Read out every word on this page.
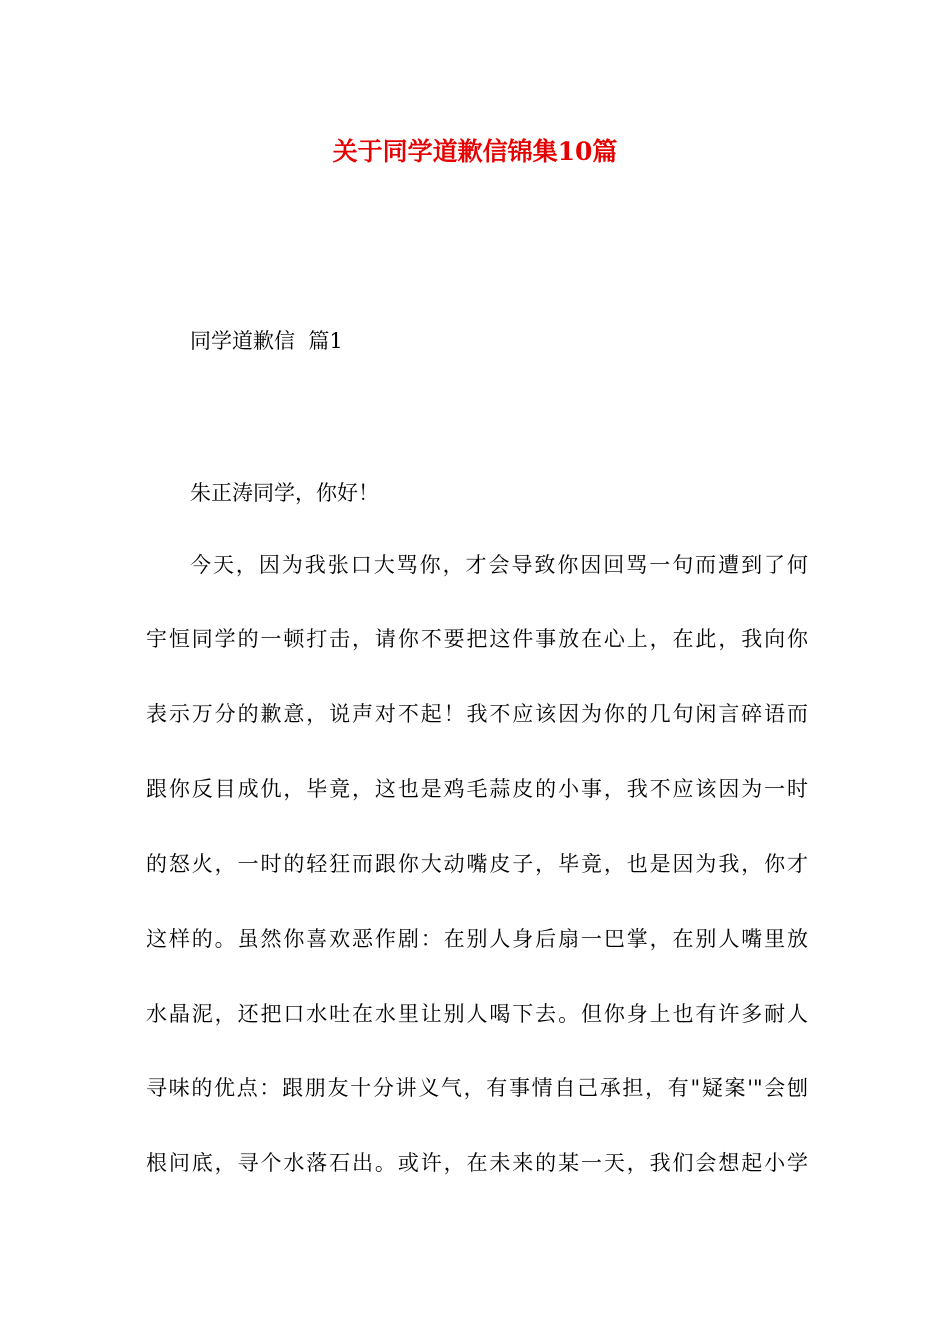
关于同学道歉信锦集10篇

同学道歉信  篇1

朱正涛同学，你好！

今天，因为我张口大骂你，才会导致你因回骂一句而遭到了何

宇恒同学的一顿打击，请你不要把这件事放在心上，在此，我向你

表示万分的歉意，说声对不起！我不应该因为你的几句闲言碎语而

跟你反目成仇，毕竟，这也是鸡毛蒜皮的小事，我不应该因为一时

的怒火，一时的轻狂而跟你大动嘴皮子，毕竟，也是因为我，你才

这样的。虽然你喜欢恶作剧：在别人身后扇一巴掌，在别人嘴里放

水晶泥，还把口水吐在水里让别人喝下去。但你身上也有许多耐人

寻味的优点：跟朋友十分讲义气，有事情自己承担，有"疑案'"会刨

根问底，寻个水落石出。或许，在未来的某一天，我们会想起小学
